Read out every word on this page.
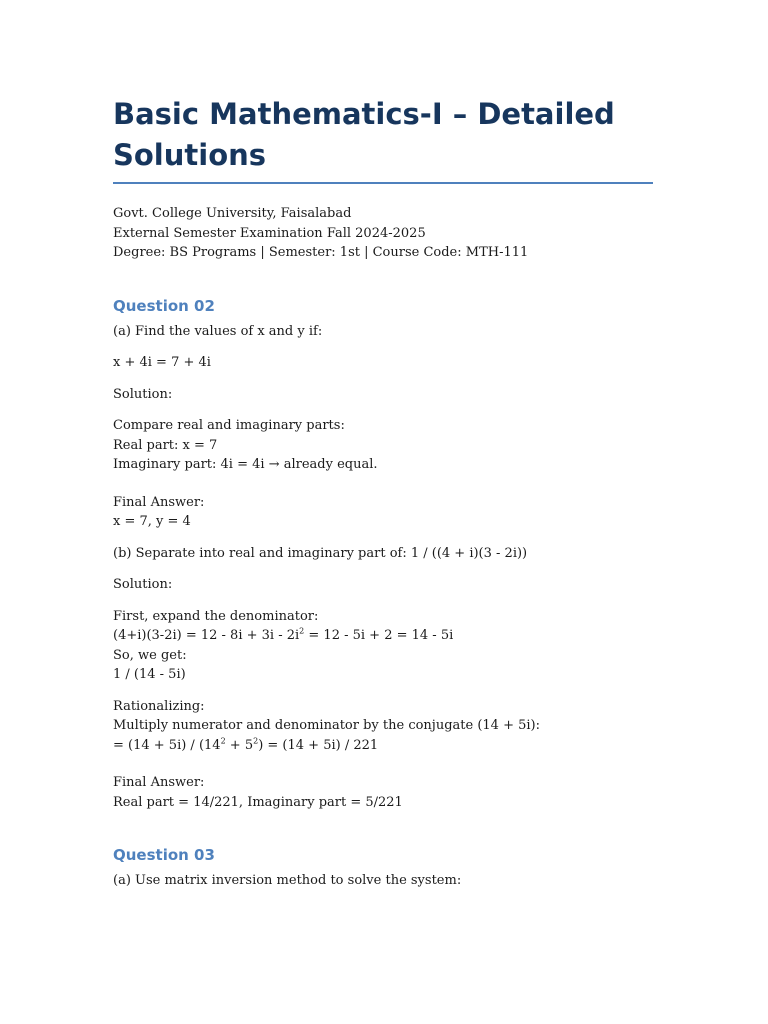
Basic Mathematics-I – Detailed Solutions
Govt. College University, Faisalabad
External Semester Examination Fall 2024-2025
Degree: BS Programs | Semester: 1st | Course Code: MTH-111
Question 02

(a) Find the values of x and y if:

x + 4i = 7 + 4i

Solution:

Compare real and imaginary parts:
Real part: x = 7
Imaginary part: 4i = 4i → already equal.
Final Answer:
x = 7, y = 4

(b) Separate into real and imaginary part of: 1 / ((4 + i)(3 - 2i))

Solution:

First, expand the denominator:
$(4+i)(3-2i) = 12 - 8i + 3i - 2i^2 = 12 - 5i + 2 = 14 - 5i$
So, we get:
1 / (14 - 5i)
Rationalizing:
Multiply numerator and denominator by the conjugate (14 + 5i):
= $(14 + 5i) / (14^2 + 5^2) = (14 + 5i) / 221$
Final Answer:
Real part = 14/221, Imaginary part = 5/221
Question 03

(a) Use matrix inversion method to solve the system:
